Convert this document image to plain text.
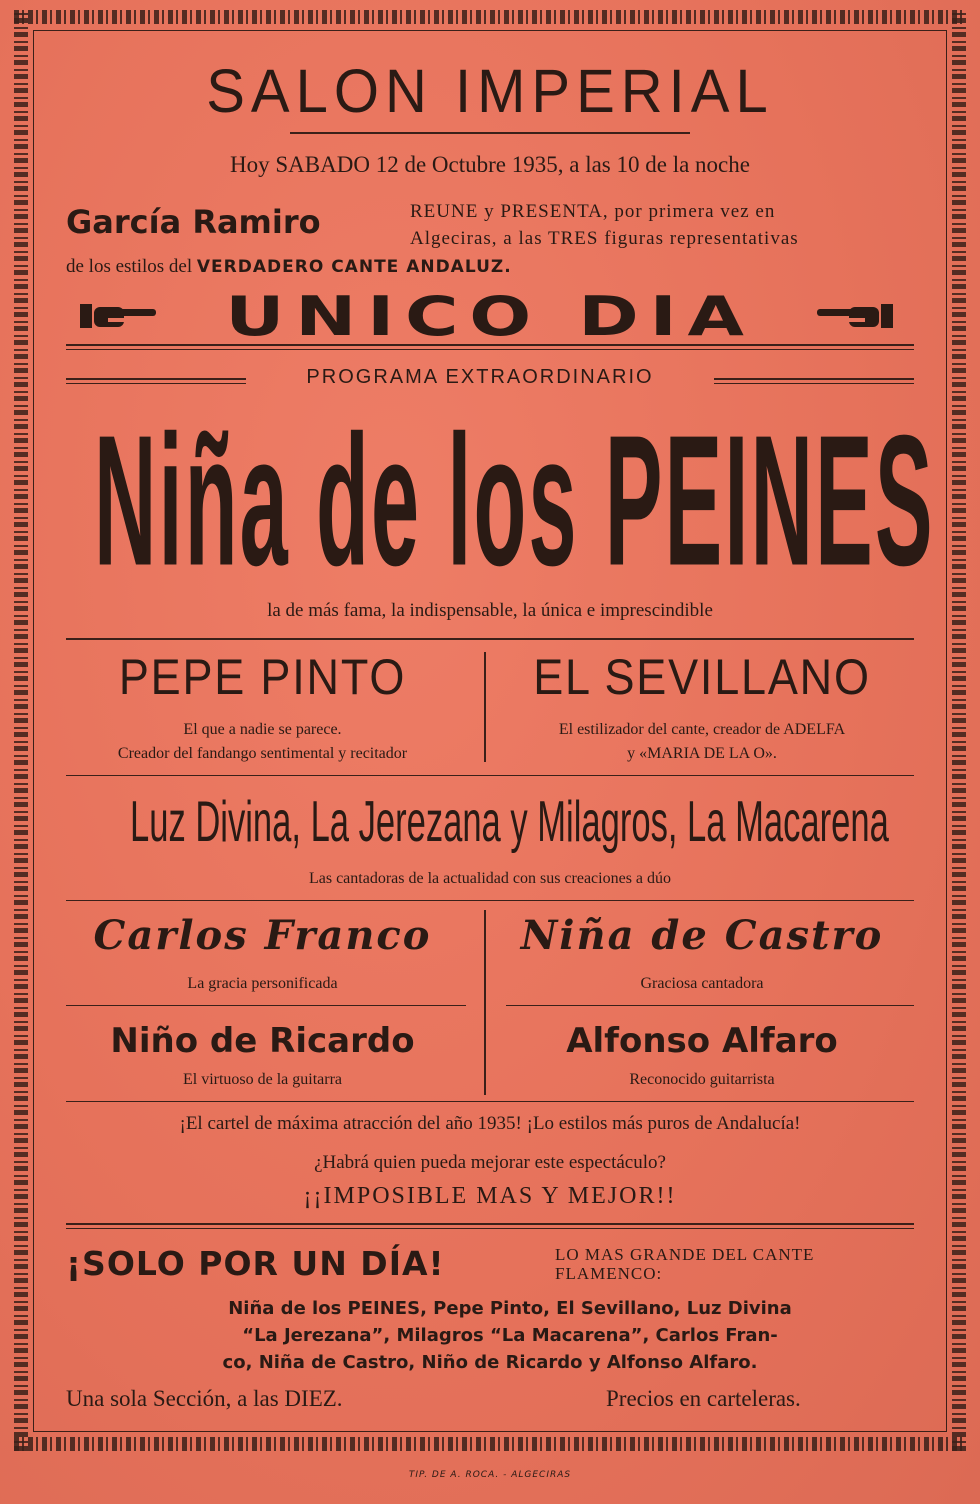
SALON IMPERIAL
Hoy SABADO 12 de Octubre 1935, a las 10 de la noche
García Ramiro	REUNE y PRESENTA, por primera vez en
Algeciras, a las TRES figuras representativas
de los estilos del VERDADERO CANTE ANDALUZ.
UNICO DIA
PROGRAMA EXTRAORDINARIO
Niña de los PEINES
la de más fama, la indispensable, la única e imprescindible
PEPE PINTO
El que a nadie se parece.
Creador del fandango sentimental y recitador
EL SEVILLANO
El estilizador del cante, creador de ADELFA
y «MARIA DE LA O».
Luz Divina, La Jerezana y Milagros, La Macarena
Las cantadoras de la actualidad con sus creaciones a dúo
Carlos Franco
La gracia personificada
Niña de Castro
Graciosa cantadora
Niño de Ricardo
El virtuoso de la guitarra
Alfonso Alfaro
Reconocido guitarrista
¡El cartel de máxima atracción del año 1935! ¡Lo estilos más puros de Andalucía!
¿Habrá quien pueda mejorar este espectáculo?
¡¡IMPOSIBLE MAS Y MEJOR!!
¡SOLO POR UN DÍA!	LO MAS GRANDE DEL CANTE
FLAMENCO:
Niña de los PEINES, Pepe Pinto, El Sevillano, Luz Divina
“La Jerezana”, Milagros “La Macarena”, Carlos Fran-
co, Niña de Castro, Niño de Ricardo y Alfonso Alfaro.
Una sola Sección, a las DIEZ.	Precios en carteleras.
TIP. DE A. ROCA. - ALGECIRAS
